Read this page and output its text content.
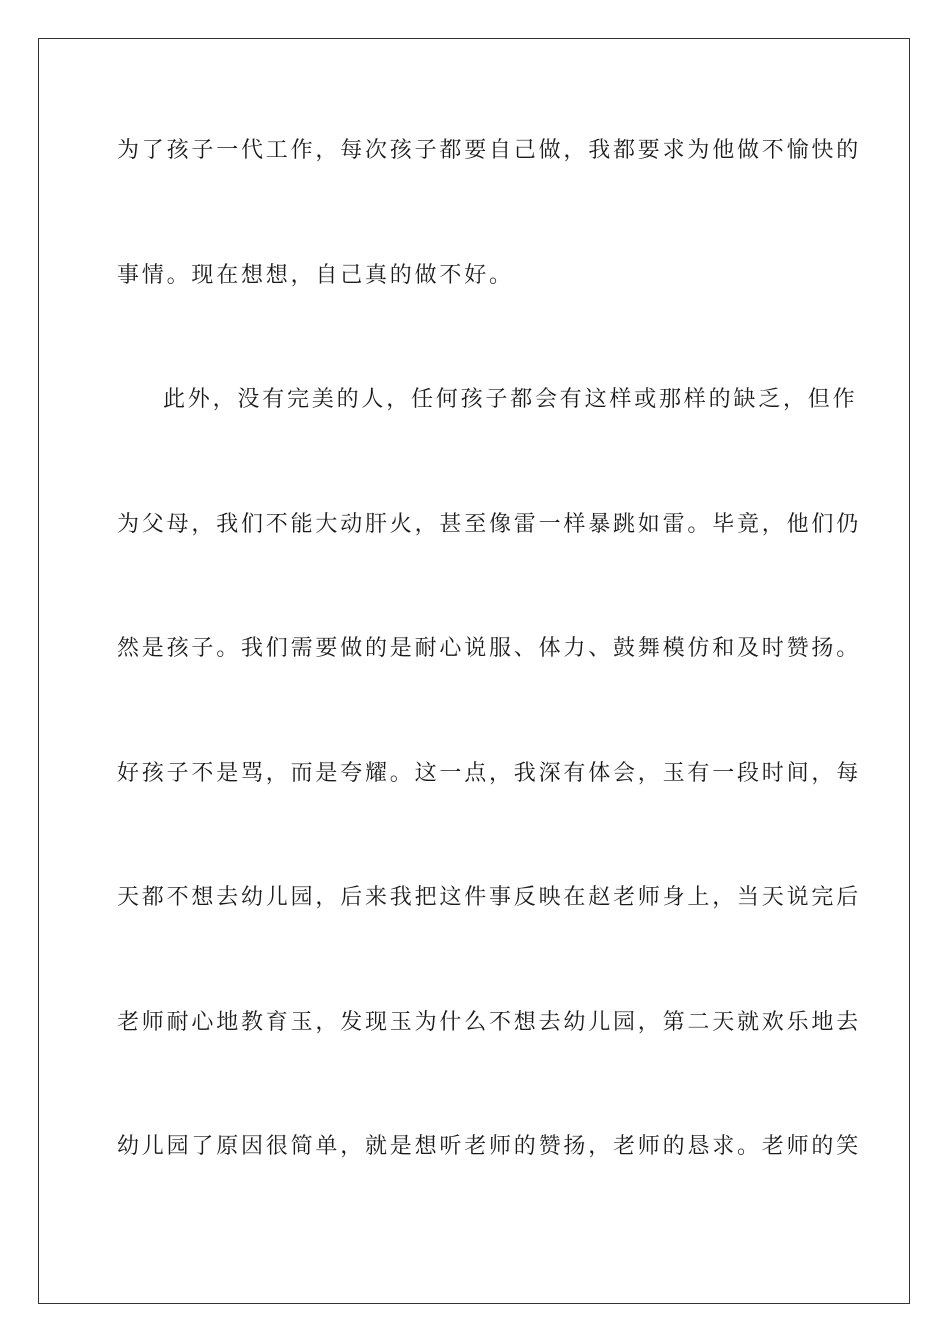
为了孩子一代工作，每次孩子都要自己做，我都要求为他做不愉快的
事情。现在想想，自己真的做不好。
此外，没有完美的人，任何孩子都会有这样或那样的缺乏，但作
为父母，我们不能大动肝火，甚至像雷一样暴跳如雷。毕竟，他们仍
然是孩子。我们需要做的是耐心说服、体力、鼓舞模仿和及时赞扬。
好孩子不是骂，而是夸耀。这一点，我深有体会，玉有一段时间，每
天都不想去幼儿园，后来我把这件事反映在赵老师身上，当天说完后
老师耐心地教育玉，发现玉为什么不想去幼儿园，第二天就欢乐地去
幼儿园了原因很简单，就是想听老师的赞扬，老师的恳求。老师的笑
